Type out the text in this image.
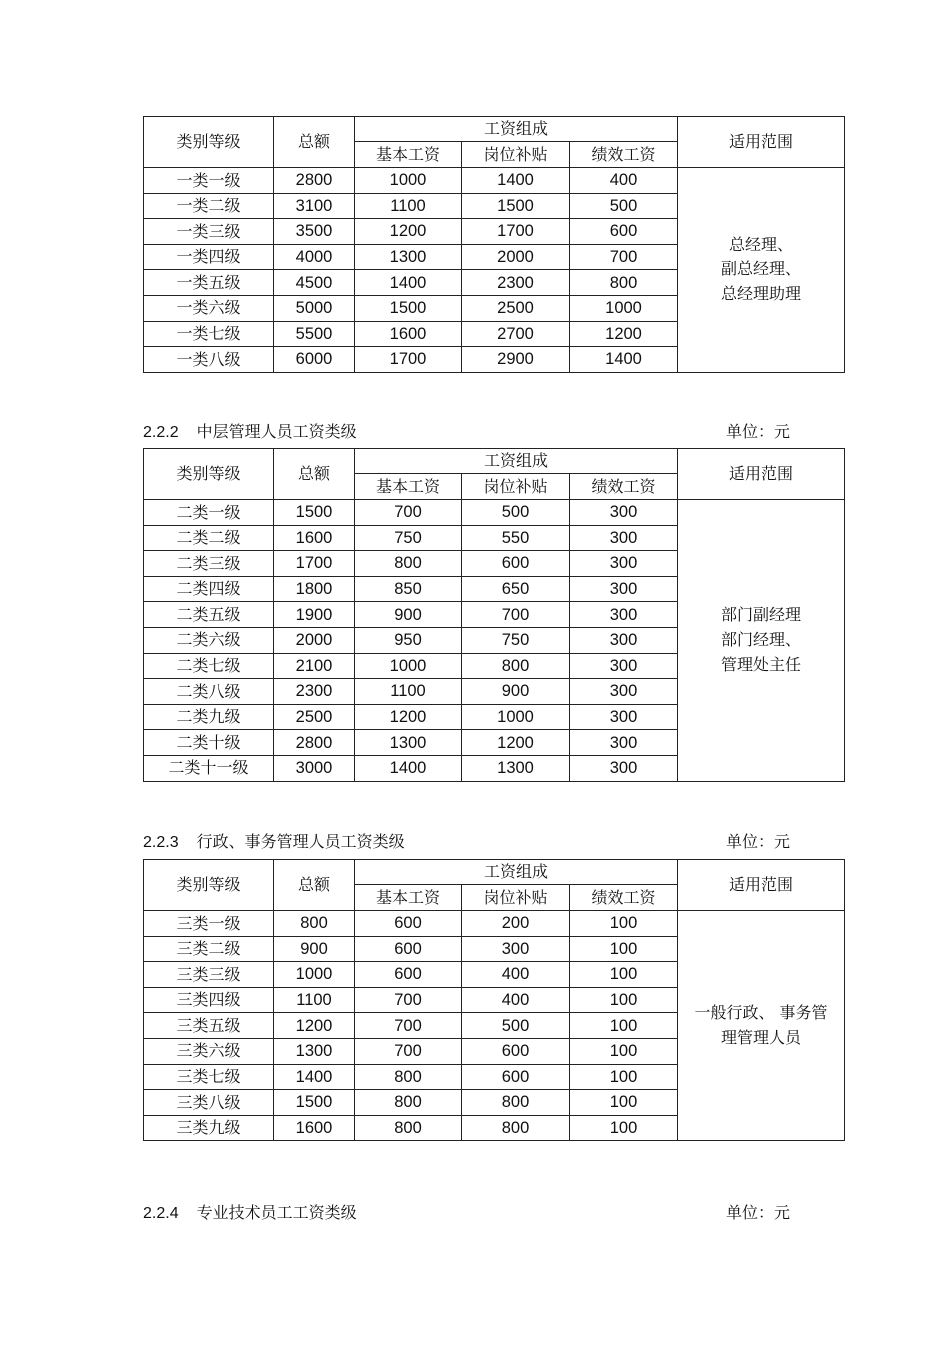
类别等级	总额	工资组成			适用范围
		基本工资	岗位补贴	绩效工资	
一类一级	2800	1000	1400	400	总经理、
副总经理、
总经理助理

一类二级	3100	1100	1500	500	
一类三级	3500	1200	1700	600	
一类四级	4000	1300	2000	700	
一类五级	4500	1400	2300	800	
一类六级	5000	1500	2500	1000	
一类七级	5500	1600	2700	1200	
一类八级	6000	1700	2900	1400	
2.2.2 中层管理人员工资类级	单位：元
类别等级	总额	工资组成			适用范围
		基本工资	岗位补贴	绩效工资	
二类一级	1500	700	500	300	部门副经理
部门经理、
管理处主任

二类二级	1600	750	550	300	
二类三级	1700	800	600	300	
二类四级	1800	850	650	300	
二类五级	1900	900	700	300	
二类六级	2000	950	750	300	
二类七级	2100	1000	800	300	
二类八级	2300	1100	900	300	
二类九级	2500	1200	1000	300	
二类十级	2800	1300	1200	300	
二类十一级	3000	1400	1300	300	
2.2.3 行政、事务管理人员工资类级	单位：元
类别等级	总额	工资组成			适用范围
		基本工资	岗位补贴	绩效工资	
三类一级	800	600	200	100	一般行政、 事务管
理管理人员

三类二级	900	600	300	100	
三类三级	1000	600	400	100	
三类四级	1100	700	400	100	
三类五级	1200	700	500	100	
三类六级	1300	700	600	100	
三类七级	1400	800	600	100	
三类八级	1500	800	800	100	
三类九级	1600	800	800	100	
2.2.4 专业技术员工工资类级	单位：元
